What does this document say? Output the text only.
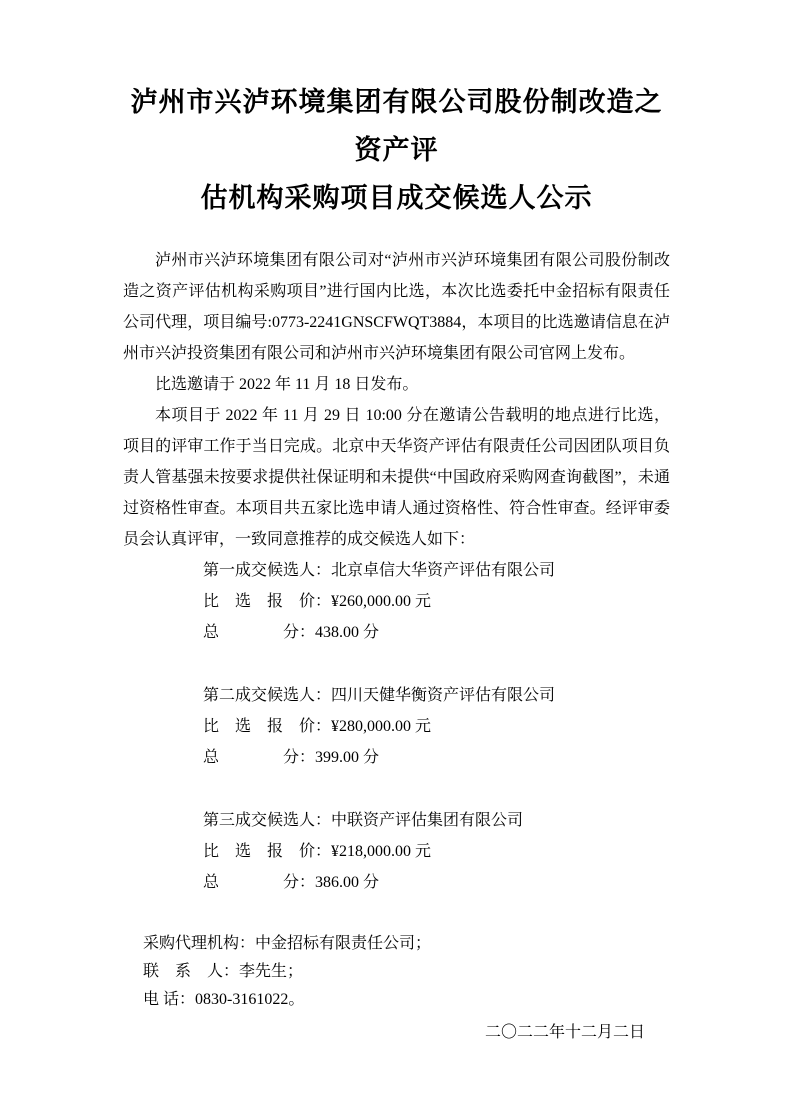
泸州市兴泸环境集团有限公司股份制改造之资产评
估机构采购项目成交候选人公示

泸州市兴泸环境集团有限公司对“泸州市兴泸环境集团有限公司股份制改造之资产评估机构采购项目”进行国内比选，本次比选委托中金招标有限责任公司代理，项目编号:0773-2241GNSCFWQT3884，本项目的比选邀请信息在泸州市兴泸投资集团有限公司和泸州市兴泸环境集团有限公司官网上发布。

比选邀请于 2022 年 11 月 18 日发布。

本项目于 2022 年 11 月 29 日 10:00 分在邀请公告载明的地点进行比选，项目的评审工作于当日完成。北京中天华资产评估有限责任公司因团队项目负责人管基强未按要求提供社保证明和未提供“中国政府采购网查询截图”，未通过资格性审查。本项目共五家比选申请人通过资格性、符合性审查。经评审委员会认真评审，一致同意推荐的成交候选人如下：

第一成交候选人：北京卓信大华资产评估有限公司
比　选　报　价：¥260,000.00 元
总　　　　分：438.00 分
第二成交候选人：四川天健华衡资产评估有限公司
比　选　报　价：¥280,000.00 元
总　　　　分：399.00 分
第三成交候选人：中联资产评估集团有限公司
比　选　报　价：¥218,000.00 元
总　　　　分：386.00 分
采购代理机构：中金招标有限责任公司；
联　系　人：李先生；
电 话：0830-3161022。
二〇二二年十二月二日
